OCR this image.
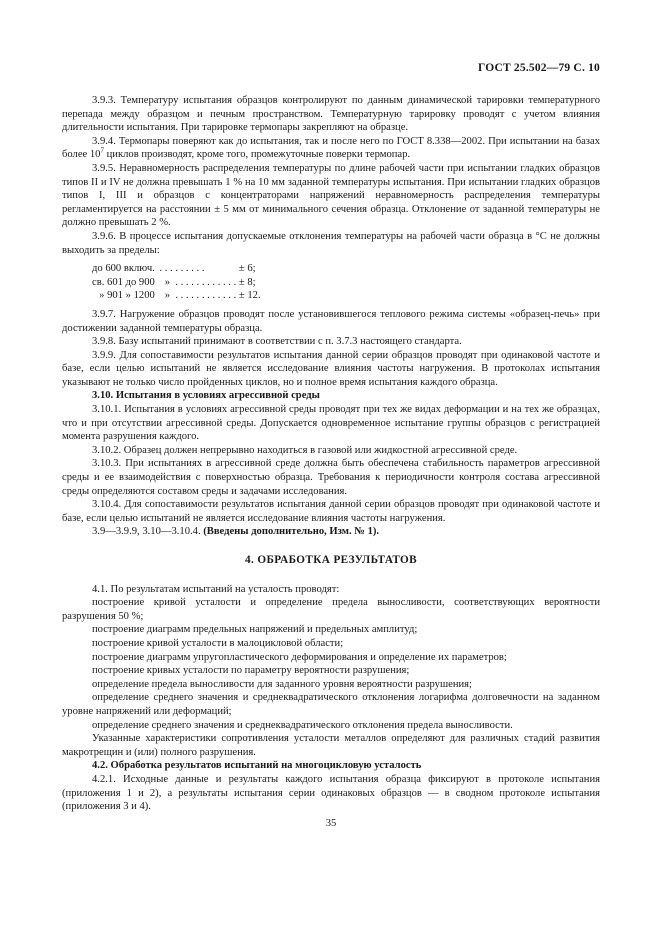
ГОСТ 25.502—79 С. 10

3.9.3. Температуру испытания образцов контролируют по данным динамической тарировки температурного перепада между образцом и печным пространством. Температурную тарировку проводят с учетом влияния длительности испытания. При тарировке термопары закрепляют на образце.

3.9.4. Термопары поверяют как до испытания, так и после него по ГОСТ 8.338—2002. При испытании на базах более $10^7$ циклов производят, кроме того, промежуточные поверки термопар.

3.9.5. Неравномерность распределения температуры по длине рабочей части при испытании гладких образцов типов II и IV не должна превышать 1 % на 10 мм заданной температуры испытания. При испытании гладких образцов типов I, III и образцов с концентраторами напряжений неравномерность распределения температуры регламентируется на расстоянии ± 5 мм от минимального сечения образца. Отклонение от заданной температуры не должно превышать 2 %.

3.9.6. В процессе испытания допускаемые отклонения температуры на рабочей части образца в °С не должны выходить за пределы:

до 600 включ.	. . . . . . . . .	± 6;
св. 601 до 900	»  . . . . . . . . . . . .	± 8;
» 901 » 1200	»  . . . . . . . . . . . .	± 12.

3.9.7. Нагружение образцов проводят после установившегося теплового режима системы «образец-печь» при достижении заданной температуры образца.

3.9.8. Базу испытаний принимают в соответствии с п. 3.7.3 настоящего стандарта.

3.9.9. Для сопоставимости результатов испытания данной серии образцов проводят при одинаковой частоте и базе, если целью испытаний не является исследование влияния частоты нагружения. В протоколах испытания указывают не только число пройденных циклов, но и полное время испытания каждого образца.

3.10. Испытания в условиях агрессивной среды

3.10.1. Испытания в условиях агрессивной среды проводят при тех же видах деформации и на тех же образцах, что и при отсутствии агрессивной среды. Допускается одновременное испытание группы образцов с регистрацией момента разрушения каждого.

3.10.2. Образец должен непрерывно находиться в газовой или жидкостной агрессивной среде.

3.10.3. При испытаниях в агрессивной среде должна быть обеспечена стабильность параметров агрессивной среды и ее взаимодействия с поверхностью образца. Требования к периодичности контроля состава агрессивной среды определяются составом среды и задачами исследования.

3.10.4. Для сопоставимости результатов испытания данной серии образцов проводят при одинаковой частоте и базе, если целью испытаний не является исследование влияния частоты нагружения.

3.9—3.9.9, 3.10—3.10.4. (Введены дополнительно, Изм. № 1).

4. ОБРАБОТКА РЕЗУЛЬТАТОВ

4.1. По результатам испытаний на усталость проводят:

построение кривой усталости и определение предела выносливости, соответствующих вероятности разрушения 50 %;

построение диаграмм предельных напряжений и предельных амплитуд;

построение кривой усталости в малоцикловой области;

построение диаграмм упругопластического деформирования и определение их параметров;

построение кривых усталости по параметру вероятности разрушения;

определение предела выносливости для заданного уровня вероятности разрушения;

определение среднего значения и среднеквадратического отклонения логарифма долговечности на заданном уровне напряжений или деформаций;

определение среднего значения и среднеквадратического отклонения предела выносливости.

Указанные характеристики сопротивления усталости металлов определяют для различных стадий развития макротрещин и (или) полного разрушения.

4.2. Обработка результатов испытаний на многоцикловую усталость

4.2.1. Исходные данные и результаты каждого испытания образца фиксируют в протоколе испытания (приложения 1 и 2), а результаты испытания серии одинаковых образцов — в сводном протоколе испытания (приложения 3 и 4).

35
